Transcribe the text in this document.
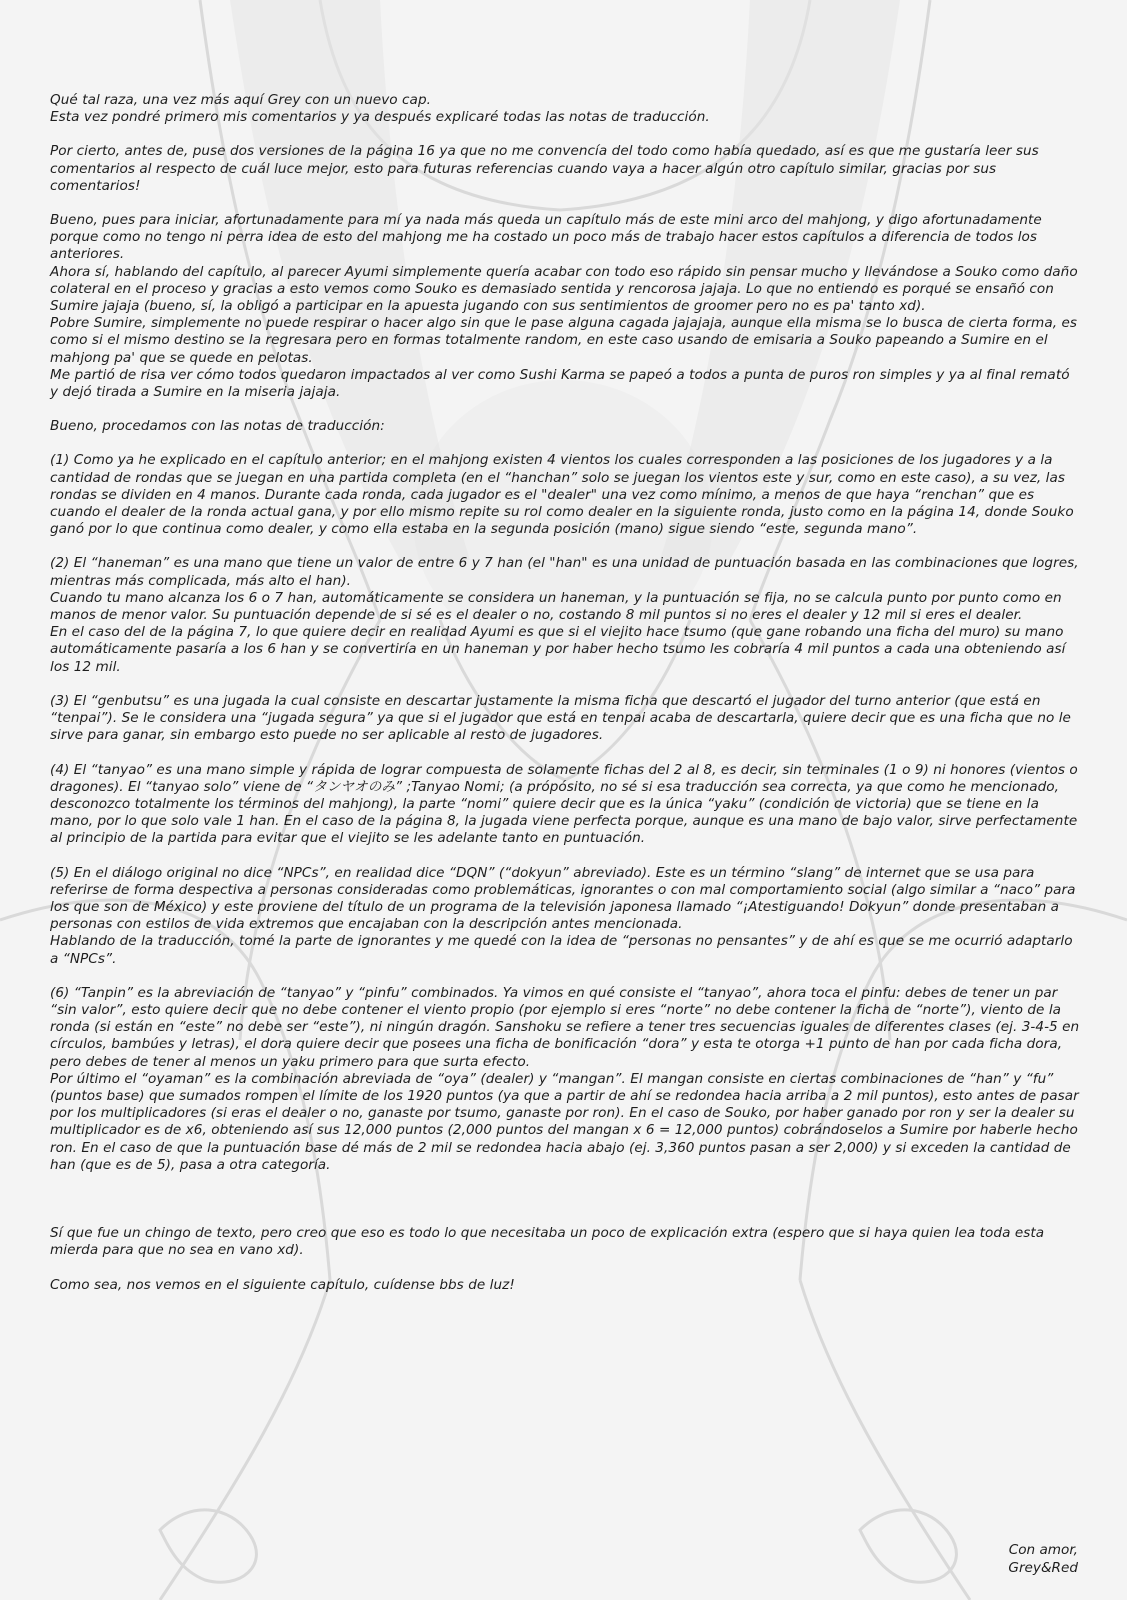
Qué tal raza, una vez más aquí Grey con un nuevo cap.
Esta vez pondré primero mis comentarios y ya después explicaré todas las notas de traducción.
Por cierto, antes de, puse dos versiones de la página 16 ya que no me convencía del todo como había quedado, así es que me gustaría leer sus comentarios al respecto de cuál luce mejor, esto para futuras referencias cuando vaya a hacer algún otro capítulo similar, gracias por sus comentarios!
Bueno, pues para iniciar, afortunadamente para mí ya nada más queda un capítulo más de este mini arco del mahjong, y digo afortunadamente porque como no tengo ni perra idea de esto del mahjong me ha costado un poco más de trabajo hacer estos capítulos a diferencia de todos los anteriores.
Ahora sí, hablando del capítulo, al parecer Ayumi simplemente quería acabar con todo eso rápido sin pensar mucho y llevándose a Souko como daño colateral en el proceso y gracias a esto vemos como Souko es demasiado sentida y rencorosa jajaja. Lo que no entiendo es porqué se ensañó con Sumire jajaja (bueno, sí, la obligó a participar en la apuesta jugando con sus sentimientos de groomer pero no es pa' tanto xd).
Pobre Sumire, simplemente no puede respirar o hacer algo sin que le pase alguna cagada jajajaja, aunque ella misma se lo busca de cierta forma, es como si el mismo destino se la regresara pero en formas totalmente random, en este caso usando de emisaria a Souko papeando a Sumire en el mahjong pa' que se quede en pelotas.
Me partió de risa ver cómo todos quedaron impactados al ver como Sushi Karma se papeó a todos a punta de puros ron simples y ya al final remató y dejó tirada a Sumire en la miseria jajaja.
Bueno, procedamos con las notas de traducción:
(1) Como ya he explicado en el capítulo anterior; en el mahjong existen 4 vientos los cuales corresponden a las posiciones de los jugadores y a la cantidad de rondas que se juegan en una partida completa (en el “hanchan” solo se juegan los vientos este y sur, como en este caso), a su vez, las rondas se dividen en 4 manos. Durante cada ronda, cada jugador es el "dealer" una vez como mínimo, a menos de que haya “renchan” que es cuando el dealer de la ronda actual gana, y por ello mismo repite su rol como dealer en la siguiente ronda, justo como en la página 14, donde Souko ganó por lo que continua como dealer, y como ella estaba en la segunda posición (mano) sigue siendo “este, segunda mano”.
(2) El “haneman” es una mano que tiene un valor de entre 6 y 7 han (el "han" es una unidad de puntuación basada en las combinaciones que logres, mientras más complicada, más alto el han).
Cuando tu mano alcanza los 6 o 7 han, automáticamente se considera un haneman, y la puntuación se fija, no se calcula punto por punto como en manos de menor valor. Su puntuación depende de si sé es el dealer o no, costando 8 mil puntos si no eres el dealer y 12 mil si eres el dealer.
En el caso del de la página 7, lo que quiere decir en realidad Ayumi es que si el viejito hace tsumo (que gane robando una ficha del muro) su mano automáticamente pasaría a los 6 han y se convertiría en un haneman y por haber hecho tsumo les cobraría 4 mil puntos a cada una obteniendo así los 12 mil.
(3) El “genbutsu” es una jugada la cual consiste en descartar justamente la misma ficha que descartó el jugador del turno anterior (que está en “tenpai”). Se le considera una “jugada segura” ya que si el jugador que está en tenpai acaba de descartarla, quiere decir que es una ficha que no le sirve para ganar, sin embargo esto puede no ser aplicable al resto de jugadores.
(4) El “tanyao” es una mano simple y rápida de lograr compuesta de solamente fichas del 2 al 8, es decir, sin terminales (1 o 9) ni honores (vientos o dragones). El “tanyao solo” viene de “タンヤオのみ” ;Tanyao Nomi; (a própósito, no sé si esa traducción sea correcta, ya que como he mencionado, desconozco totalmente los términos del mahjong), la parte “nomi” quiere decir que es la única “yaku” (condición de victoria) que se tiene en la mano, por lo que solo vale 1 han. En el caso de la página 8, la jugada viene perfecta porque, aunque es una mano de bajo valor, sirve perfectamente al principio de la partida para evitar que el viejito se les adelante tanto en puntuación.
(5) En el diálogo original no dice “NPCs”, en realidad dice “DQN” (“dokyun” abreviado). Este es un término “slang” de internet que se usa para referirse de forma despectiva a personas consideradas como problemáticas, ignorantes o con mal comportamiento social (algo similar a “naco” para los que son de México) y este proviene del título de un programa de la televisión japonesa llamado “¡Atestiguando! Dokyun” donde presentaban a personas con estilos de vida extremos que encajaban con la descripción antes mencionada.
Hablando de la traducción, tomé la parte de ignorantes y me quedé con la idea de “personas no pensantes” y de ahí es que se me ocurrió adaptarlo a “NPCs”.
(6) “Tanpin” es la abreviación de “tanyao” y “pinfu” combinados. Ya vimos en qué consiste el “tanyao”, ahora toca el pinfu: debes de tener un par “sin valor”, esto quiere decir que no debe contener el viento propio (por ejemplo si eres “norte” no debe contener la ficha de “norte”), viento de la ronda (si están en “este” no debe ser “este”), ni ningún dragón. Sanshoku se refiere a tener tres secuencias iguales de diferentes clases (ej. 3-4-5 en círculos, bambúes y letras), el dora quiere decir que posees una ficha de bonificación “dora” y esta te otorga +1 punto de han por cada ficha dora, pero debes de tener al menos un yaku primero para que surta efecto.
Por último el “oyaman” es la combinación abreviada de “oya” (dealer) y “mangan”. El mangan consiste en ciertas combinaciones de “han” y “fu” (puntos base) que sumados rompen el límite de los 1920 puntos (ya que a partir de ahí se redondea hacia arriba a 2 mil puntos), esto antes de pasar por los multiplicadores (si eras el dealer o no, ganaste por tsumo, ganaste por ron). En el caso de Souko, por haber ganado por ron y ser la dealer su multiplicador es de x6, obteniendo así sus 12,000 puntos (2,000 puntos del mangan x 6 = 12,000 puntos) cobrándoselos a Sumire por haberle hecho ron. En el caso de que la puntuación base dé más de 2 mil se redondea hacia abajo (ej. 3,360 puntos pasan a ser 2,000) y si exceden la cantidad de han (que es de 5), pasa a otra categoría.

Sí que fue un chingo de texto, pero creo que eso es todo lo que necesitaba un poco de explicación extra (espero que si haya quien lea toda esta mierda para que no sea en vano xd).
Como sea, nos vemos en el siguiente capítulo, cuídense bbs de luz!
Con amor,
Grey&Red
